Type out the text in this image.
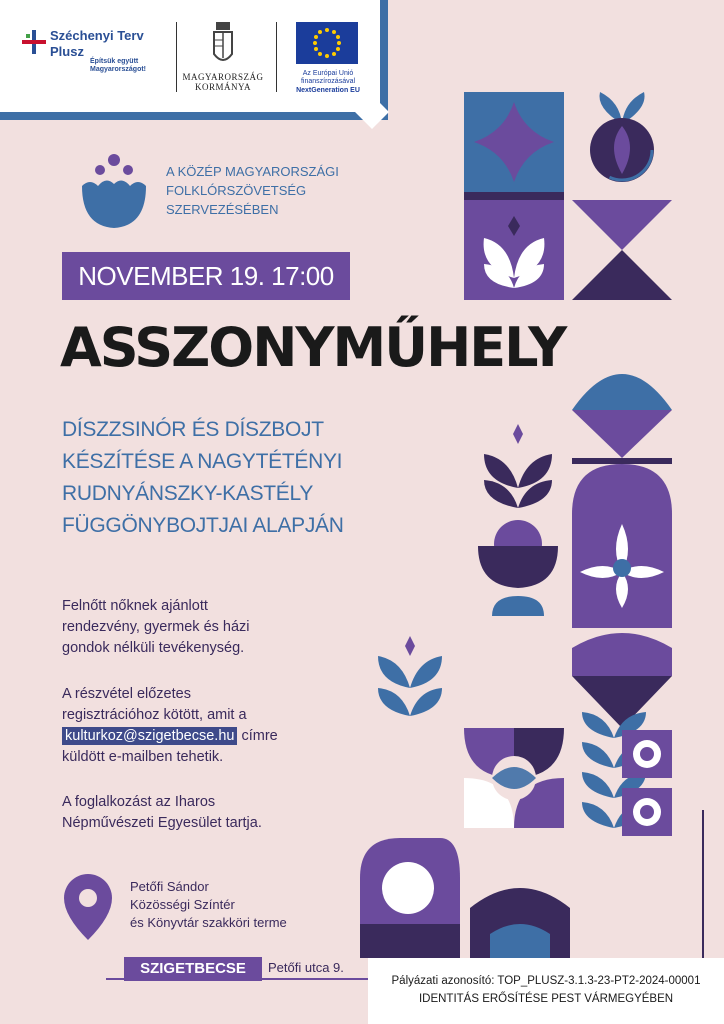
Széchenyi Terv
Plusz
Építsük együtt Magyarországot!
MAGYARORSZÁG KORMÁNYA
Az Európai Unió finanszírozásával
NextGeneration EU
A KÖZÉP MAGYARORSZÁGI
FOLKLÓRSZÖVETSÉG
SZERVEZÉSÉBEN
NOVEMBER 19. 17:00
ASSZONYMŰHELY
DÍSZZSINÓR ÉS DÍSZBOJT
KÉSZÍTÉSE A NAGYTÉTÉNYI
RUDNYÁNSZKY-KASTÉLY
FÜGGÖNYBOJTJAI ALAPJÁN
Felnőtt nőknek ajánlott
rendezvény, gyermek és házi
gondok nélküli tevékenység.
A részvétel előzetes
regisztrációhoz kötött, amit a
kulturkoz@szigetbecse.hu címre
küldött e-mailben tehetik.
A foglalkozást az Iharos
Népművészeti Egyesület tartja.
Petőfi Sándor
Közösségi Színtér
és Könyvtár szakköri terme
SZIGETBECSE	Petőfi utca 9.
Pályázati azonosító: TOP_PLUSZ-3.1.3-23-PT2-2024-00001
IDENTITÁS ERŐSÍTÉSE PEST VÁRMEGYÉBEN
